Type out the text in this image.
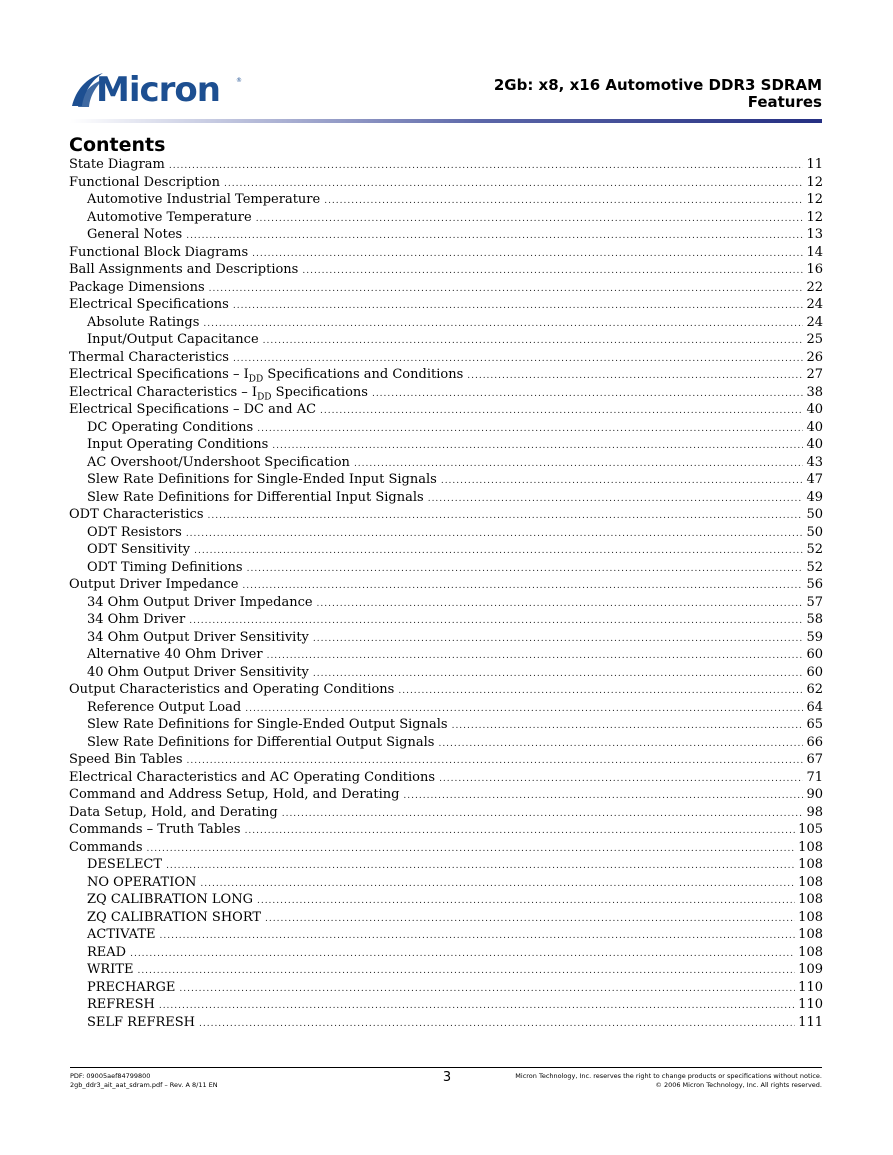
Micron	®	2Gb: x8, x16 Automotive DDR3 SDRAM
Features
Contents
State Diagram .....	11
Functional Description .....	12
Automotive Industrial Temperature .....	12
Automotive Temperature .....	12
General Notes .....	13
Functional Block Diagrams .....	14
Ball Assignments and Descriptions .....	16
Package Dimensions .....	22
Electrical Specifications .....	24
Absolute Ratings .....	24
Input/Output Capacitance .....	25
Thermal Characteristics .....	26
Electrical Specifications – $I_{DD}$ Specifications and Conditions .....	27
Electrical Characteristics – $I_{DD}$ Specifications .....	38
Electrical Specifications – DC and AC .....	40
DC Operating Conditions .....	40
Input Operating Conditions .....	40
AC Overshoot/Undershoot Specification .....	43
Slew Rate Definitions for Single-Ended Input Signals .....	47
Slew Rate Definitions for Differential Input Signals .....	49
ODT Characteristics .....	50
ODT Resistors .....	50
ODT Sensitivity .....	52
ODT Timing Definitions .....	52
Output Driver Impedance .....	56
34 Ohm Output Driver Impedance .....	57
34 Ohm Driver .....	58
34 Ohm Output Driver Sensitivity .....	59
Alternative 40 Ohm Driver .....	60
40 Ohm Output Driver Sensitivity .....	60
Output Characteristics and Operating Conditions .....	62
Reference Output Load .....	64
Slew Rate Definitions for Single-Ended Output Signals .....	65
Slew Rate Definitions for Differential Output Signals .....	66
Speed Bin Tables .....	67
Electrical Characteristics and AC Operating Conditions .....	71
Command and Address Setup, Hold, and Derating .....	90
Data Setup, Hold, and Derating .....	98
Commands – Truth Tables .....	105
Commands .....	108
DESELECT .....	108
NO OPERATION .....	108
ZQ CALIBRATION LONG .....	108
ZQ CALIBRATION SHORT .....	108
ACTIVATE .....	108
READ .....	108
WRITE .....	109
PRECHARGE .....	110
REFRESH .....	110
SELF REFRESH .....	111
PDF: 09005aef84799800
2gb_ddr3_ait_aat_sdram.pdf – Rev. A 8/11 EN	3	Micron Technology, Inc. reserves the right to change products or specifications without notice.
© 2006 Micron Technology, Inc. All rights reserved.
